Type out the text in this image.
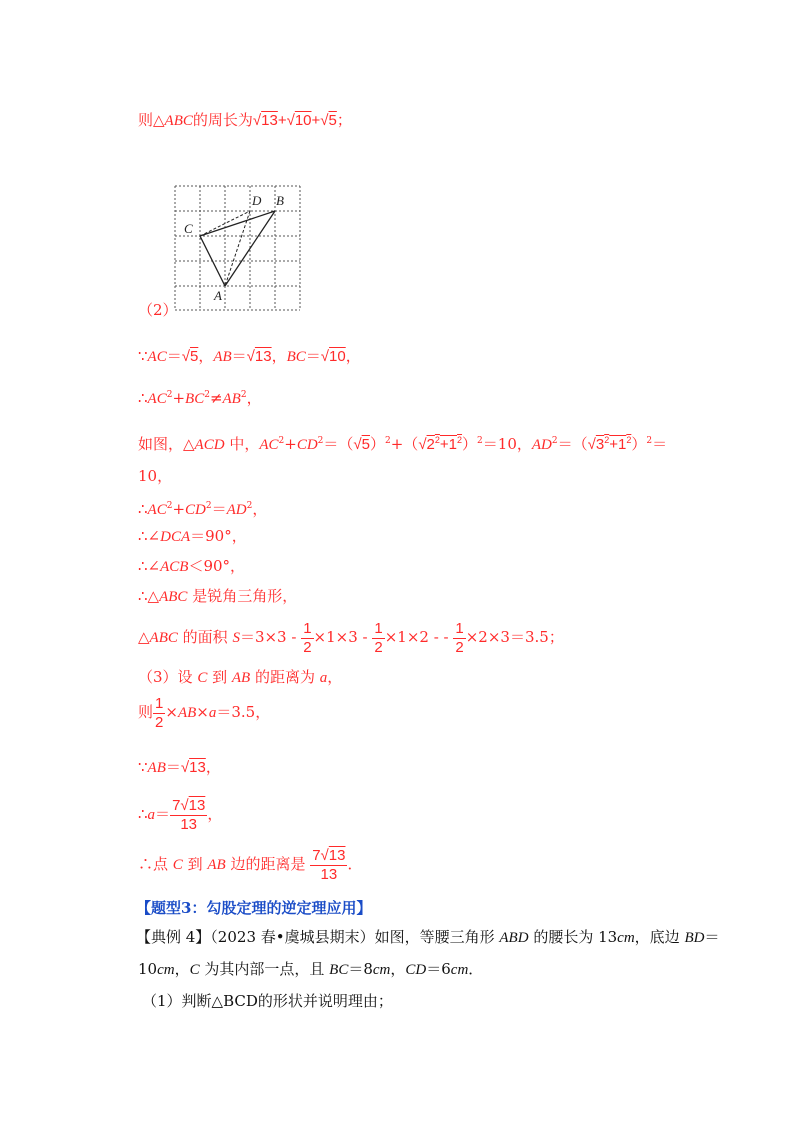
则△ABC的周长为√13+√10+√5；
C
D B
A
（2）
∵AC＝√5，AB＝√13，BC＝√10，
$\therefore AC^2+BC^2\ne AB^2$，
如图，△ACD 中，$AC^2+CD^2=(√5)^2+(√2^2+1^2)^2=10$，$AD^2=(√3^2+1^2)^2=$
10，
$\therefore AC^2+CD^2=AD^2$，
∴∠DCA＝90°，
∴∠ACB＜90°，
∴△ABC 是锐角三角形，
△ABC 的面积 $S=3\times 3 - \frac{1}{2} \times 1\times 3 - \frac{1}{2} \times 1\times 2$ - - $\frac{1}{2} \times 2\times 3=3.5$；
（3）设 C 到 AB 的距离为 a，
则 $\frac{1}{2} \times AB\times a=3.5$，
∵AB＝√13，
∴a＝ $\frac{7√13}{13}$ ，
∴点 C 到 AB 边的距离是 $\frac{7√13}{13}$ ．
【题型3：勾股定理的逆定理应用】
【典例 4】（2023 春•虞城县期末）如图，等腰三角形 ABD 的腰长为 13cm，底边 BD＝
10cm，C 为其内部一点，且 BC＝8cm，CD＝6cm．
（1）判断△BCD的形状并说明理由；
